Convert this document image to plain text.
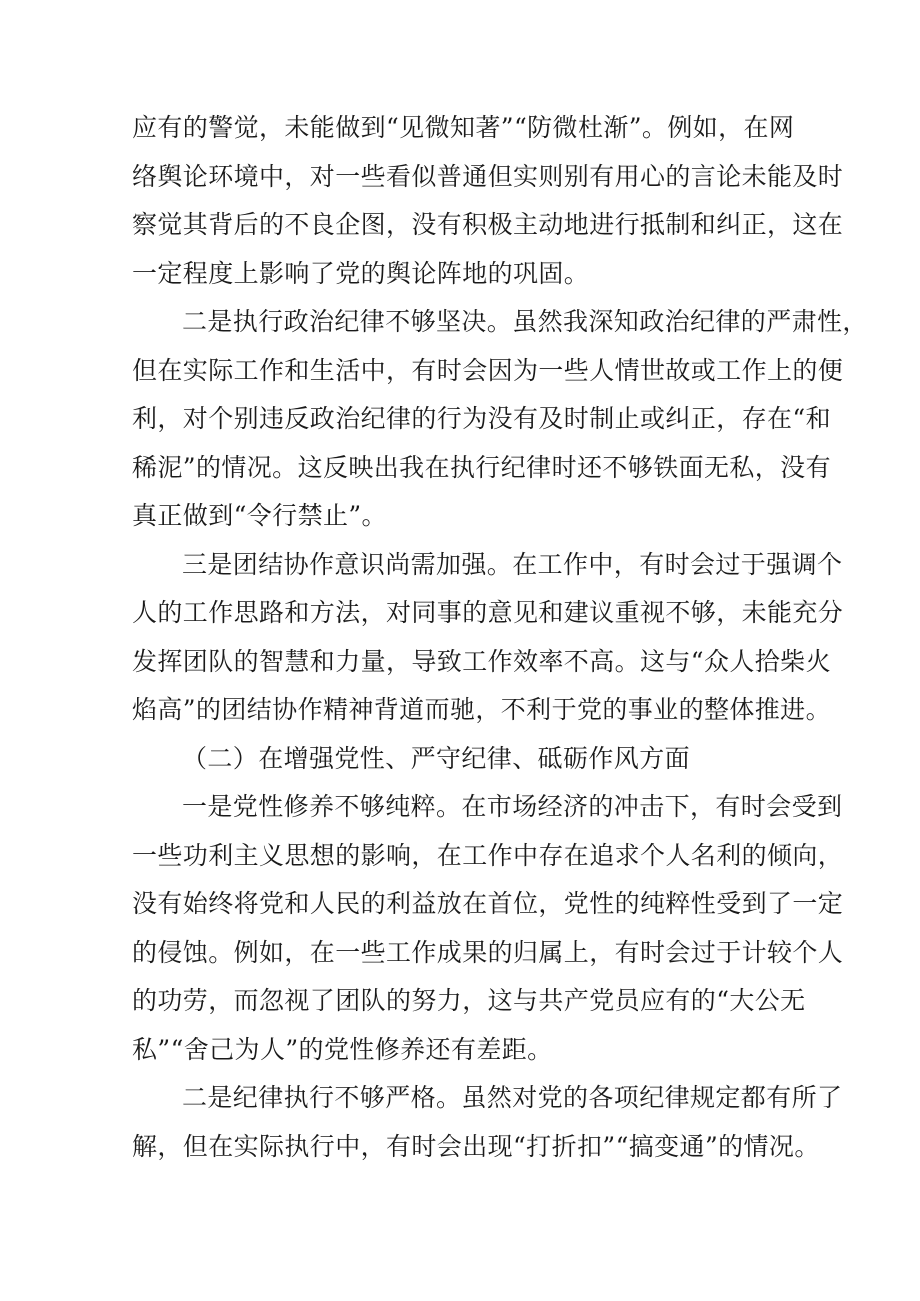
应有的警觉，未能做到“见微知著”“防微杜渐”。例如，在网
络舆论环境中，对一些看似普通但实则别有用心的言论未能及时
察觉其背后的不良企图，没有积极主动地进行抵制和纠正，这在
一定程度上影响了党的舆论阵地的巩固。
二是执行政治纪律不够坚决。虽然我深知政治纪律的严肃性，
但在实际工作和生活中，有时会因为一些人情世故或工作上的便
利，对个别违反政治纪律的行为没有及时制止或纠正，存在“和
稀泥”的情况。这反映出我在执行纪律时还不够铁面无私，没有
真正做到“令行禁止”。
三是团结协作意识尚需加强。在工作中，有时会过于强调个
人的工作思路和方法，对同事的意见和建议重视不够，未能充分
发挥团队的智慧和力量，导致工作效率不高。这与“众人拾柴火
焰高”的团结协作精神背道而驰，不利于党的事业的整体推进。
（二）在增强党性、严守纪律、砥砺作风方面
一是党性修养不够纯粹。在市场经济的冲击下，有时会受到
一些功利主义思想的影响，在工作中存在追求个人名利的倾向，
没有始终将党和人民的利益放在首位，党性的纯粹性受到了一定
的侵蚀。例如，在一些工作成果的归属上，有时会过于计较个人
的功劳，而忽视了团队的努力，这与共产党员应有的“大公无
私”“舍己为人”的党性修养还有差距。
二是纪律执行不够严格。虽然对党的各项纪律规定都有所了
解，但在实际执行中，有时会出现“打折扣”“搞变通”的情况。
